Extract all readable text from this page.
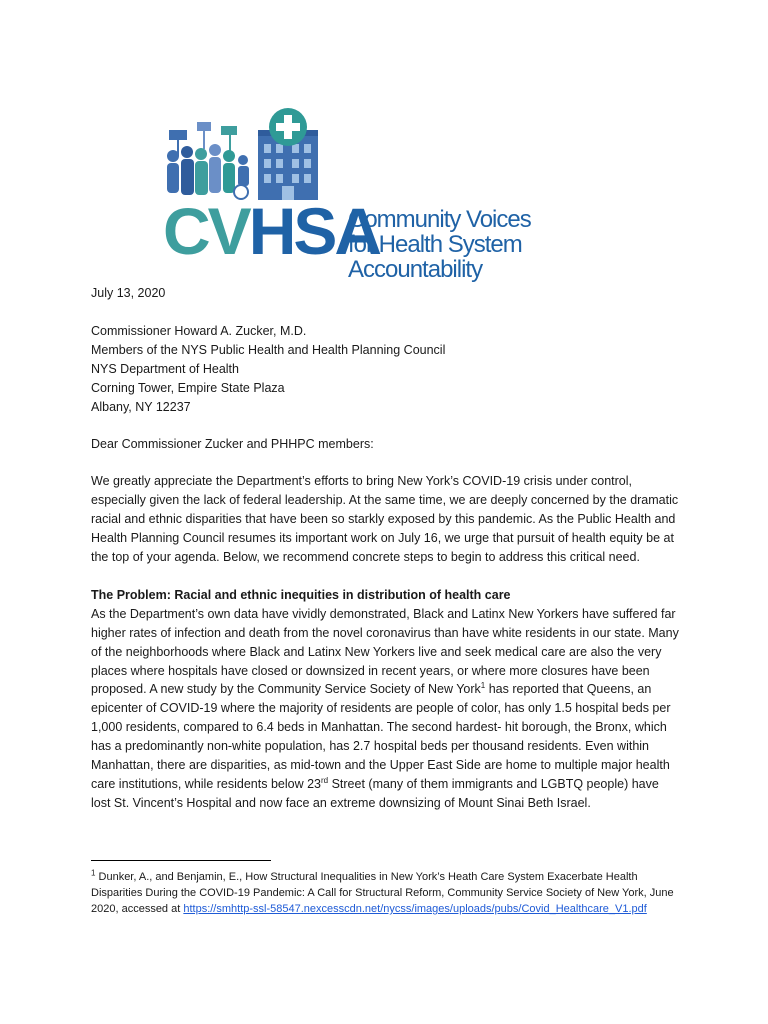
CVHSA
Community Voices
for Health System Accountability

July 13, 2020

Commissioner Howard A. Zucker, M.D.
Members of the NYS Public Health and Health Planning Council
NYS Department of Health
Corning Tower, Empire State Plaza
Albany, NY 12237

Dear Commissioner Zucker and PHHPC members:

We greatly appreciate the Department’s efforts to bring New York’s COVID-19 crisis under control, especially given the lack of federal leadership. At the same time, we are deeply concerned by the dramatic racial and ethnic disparities that have been so starkly exposed by this pandemic. As the Public Health and Health Planning Council resumes its important work on July 16, we urge that pursuit of health equity be at the top of your agenda. Below, we recommend concrete steps to begin to address this critical need.

The Problem: Racial and ethnic inequities in distribution of health care

As the Department’s own data have vividly demonstrated, Black and Latinx New Yorkers have suffered far higher rates of infection and death from the novel coronavirus than have white residents in our state. Many of the neighborhoods where Black and Latinx New Yorkers live and seek medical care are also the very places where hospitals have closed or downsized in recent years, or where more closures have been proposed. A new study by the Community Service Society of New York$^1$ has reported that Queens, an epicenter of COVID-19 where the majority of residents are people of color, has only 1.5 hospital beds per 1,000 residents, compared to 6.4 beds in Manhattan. The second hardest- hit borough, the Bronx, which has a predominantly non-white population, has 2.7 hospital beds per thousand residents. Even within Manhattan, there are disparities, as mid-town and the Upper East Side are home to multiple major health care institutions, while residents below 23rd Street (many of them immigrants and LGBTQ people) have lost St. Vincent’s Hospital and now face an extreme downsizing of Mount Sinai Beth Israel.

$^1$ Dunker, A., and Benjamin, E., How Structural Inequalities in New York’s Heath Care System Exacerbate Health Disparities During the COVID-19 Pandemic: A Call for Structural Reform, Community Service Society of New York, June 2020, accessed at https://smhttp-ssl-58547.nexcesscdn.net/nycss/images/uploads/pubs/Covid_Healthcare_V1.pdf
